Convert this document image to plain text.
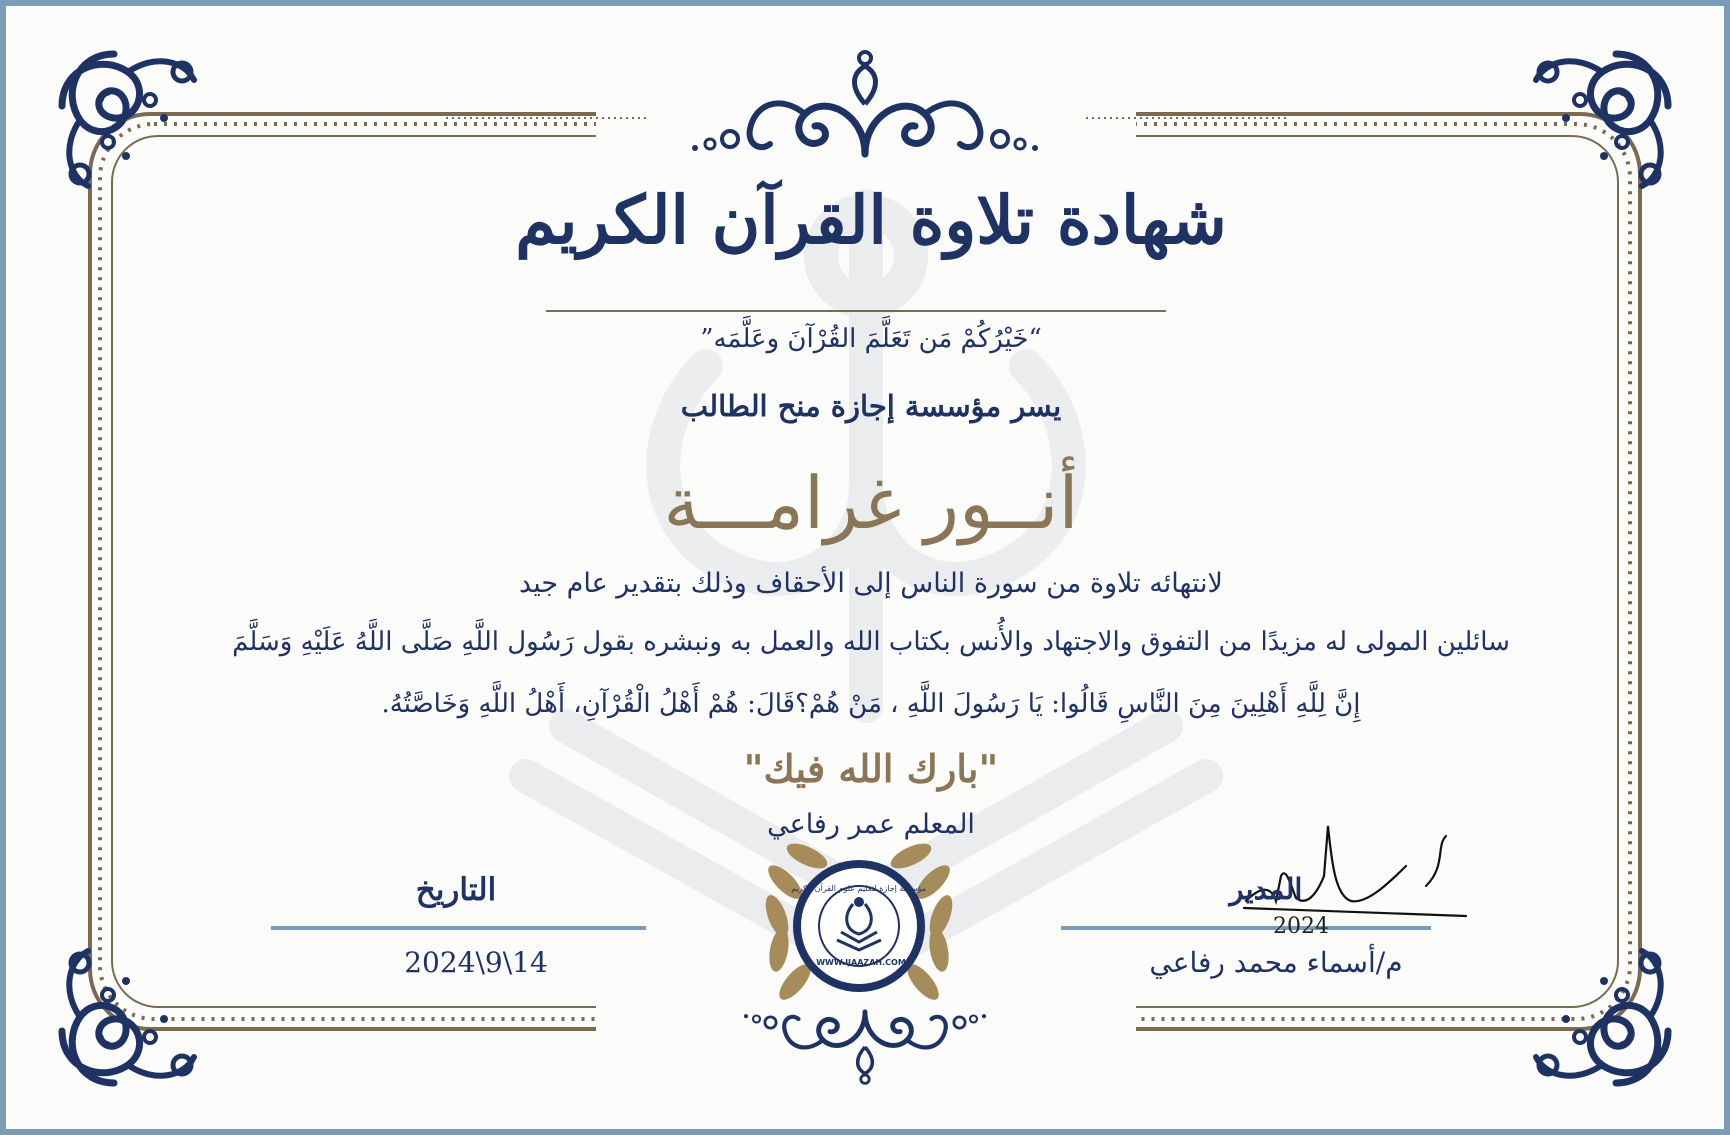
مؤسسة إجازة لتعليم علوم القرآن الكريم
WWW.IJAAZAH.COM
شهادة تلاوة القرآن الكريم
“خَيْرُكُمْ مَن تَعَلَّمَ القُرْآنَ وعَلَّمَه”
يسر مؤسسة إجازة منح الطالب
أنــور غرامـــة
لانتهائه تلاوة من سورة الناس إلى الأحقاف وذلك بتقدير عام جيد
سائلين المولى له مزيدًا من التفوق والاجتهاد والأُنس بكتاب الله والعمل به ونبشره بقول رَسُول اللَّهِ صَلَّى اللَّهُ عَلَيْهِ وَسَلَّمَ
إِنَّ لِلَّهِ أَهْلِينَ مِنَ النَّاسِ قَالُوا: يَا رَسُولَ اللَّهِ ، مَنْ هُمْ؟قَالَ: هُمْ أَهْلُ الْقُرْآنِ، أَهْلُ اللَّهِ وَخَاصَّتُهُ.
"بارك الله فيك"
المعلم عمر رفاعي
التاريخ
2024\9\14
المدير
2024
م/أسماء محمد رفاعي
